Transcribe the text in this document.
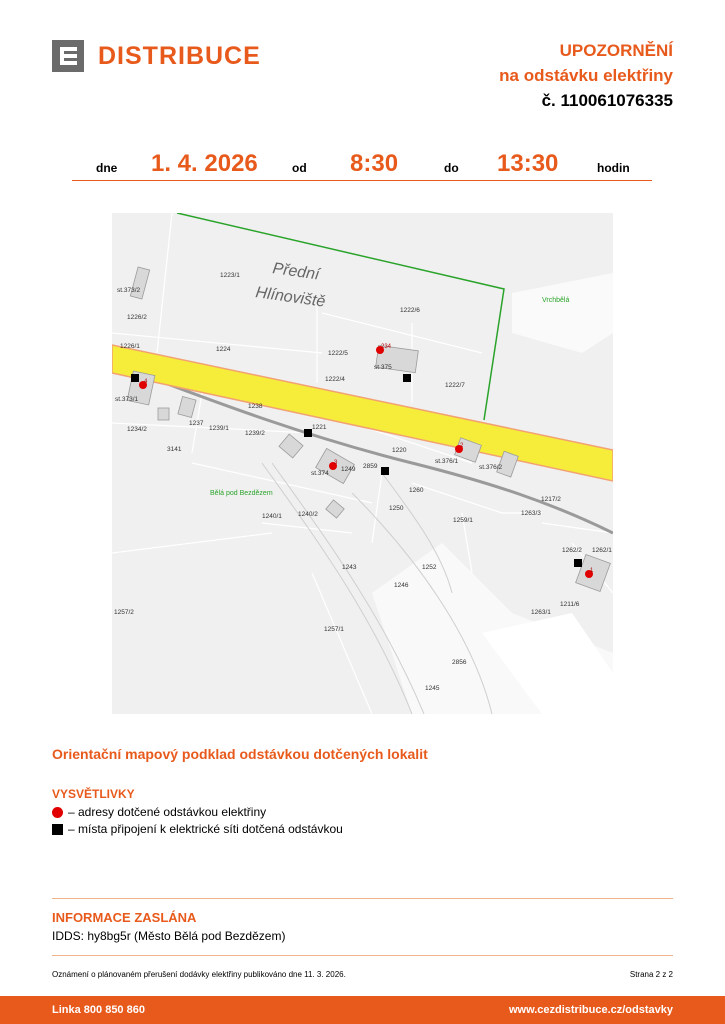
DISTRIBUCE	UPOZORNĚNÍ
na odstávku elektřiny
č. 110061076335
dne 1. 4. 2026	od 8:30	do 13:30	hodin
Přední
Hlínoviště	Vrchbělá
Bělá pod Bezdězem
1223/1
st.373/2
1226/2
1226/1	1224
1222/5
1222/6
st.375
1222/4
1222/7
st.373/1
1238
1237
1239/1
1234/2
1239/2
1221
3141
1249 2859
st.374
1220
st.376/1
st.376/2
1260
1217/2
1250
1240/1 1240/2
1259/1
1263/3
1262/2 1262/1
1243	1252
1246
1211/6
1263/1
1257/2
1257/1
2856
1245
234
4
3
2
1
Orientační mapový podklad odstávkou dotčených lokalit
VYSVĚTLIVKY
– adresy dotčené odstávkou elektřiny
– místa připojení k elektrické síti dotčená odstávkou
INFORMACE ZASLÁNA
IDDS: hy8bg5r (Město Bělá pod Bezdězem)
Oznámení o plánovaném přerušení dodávky elektřiny publikováno dne 11. 3. 2026.	Strana 2 z 2
Linka 800 850 860	www.cezdistribuce.cz/odstavky
